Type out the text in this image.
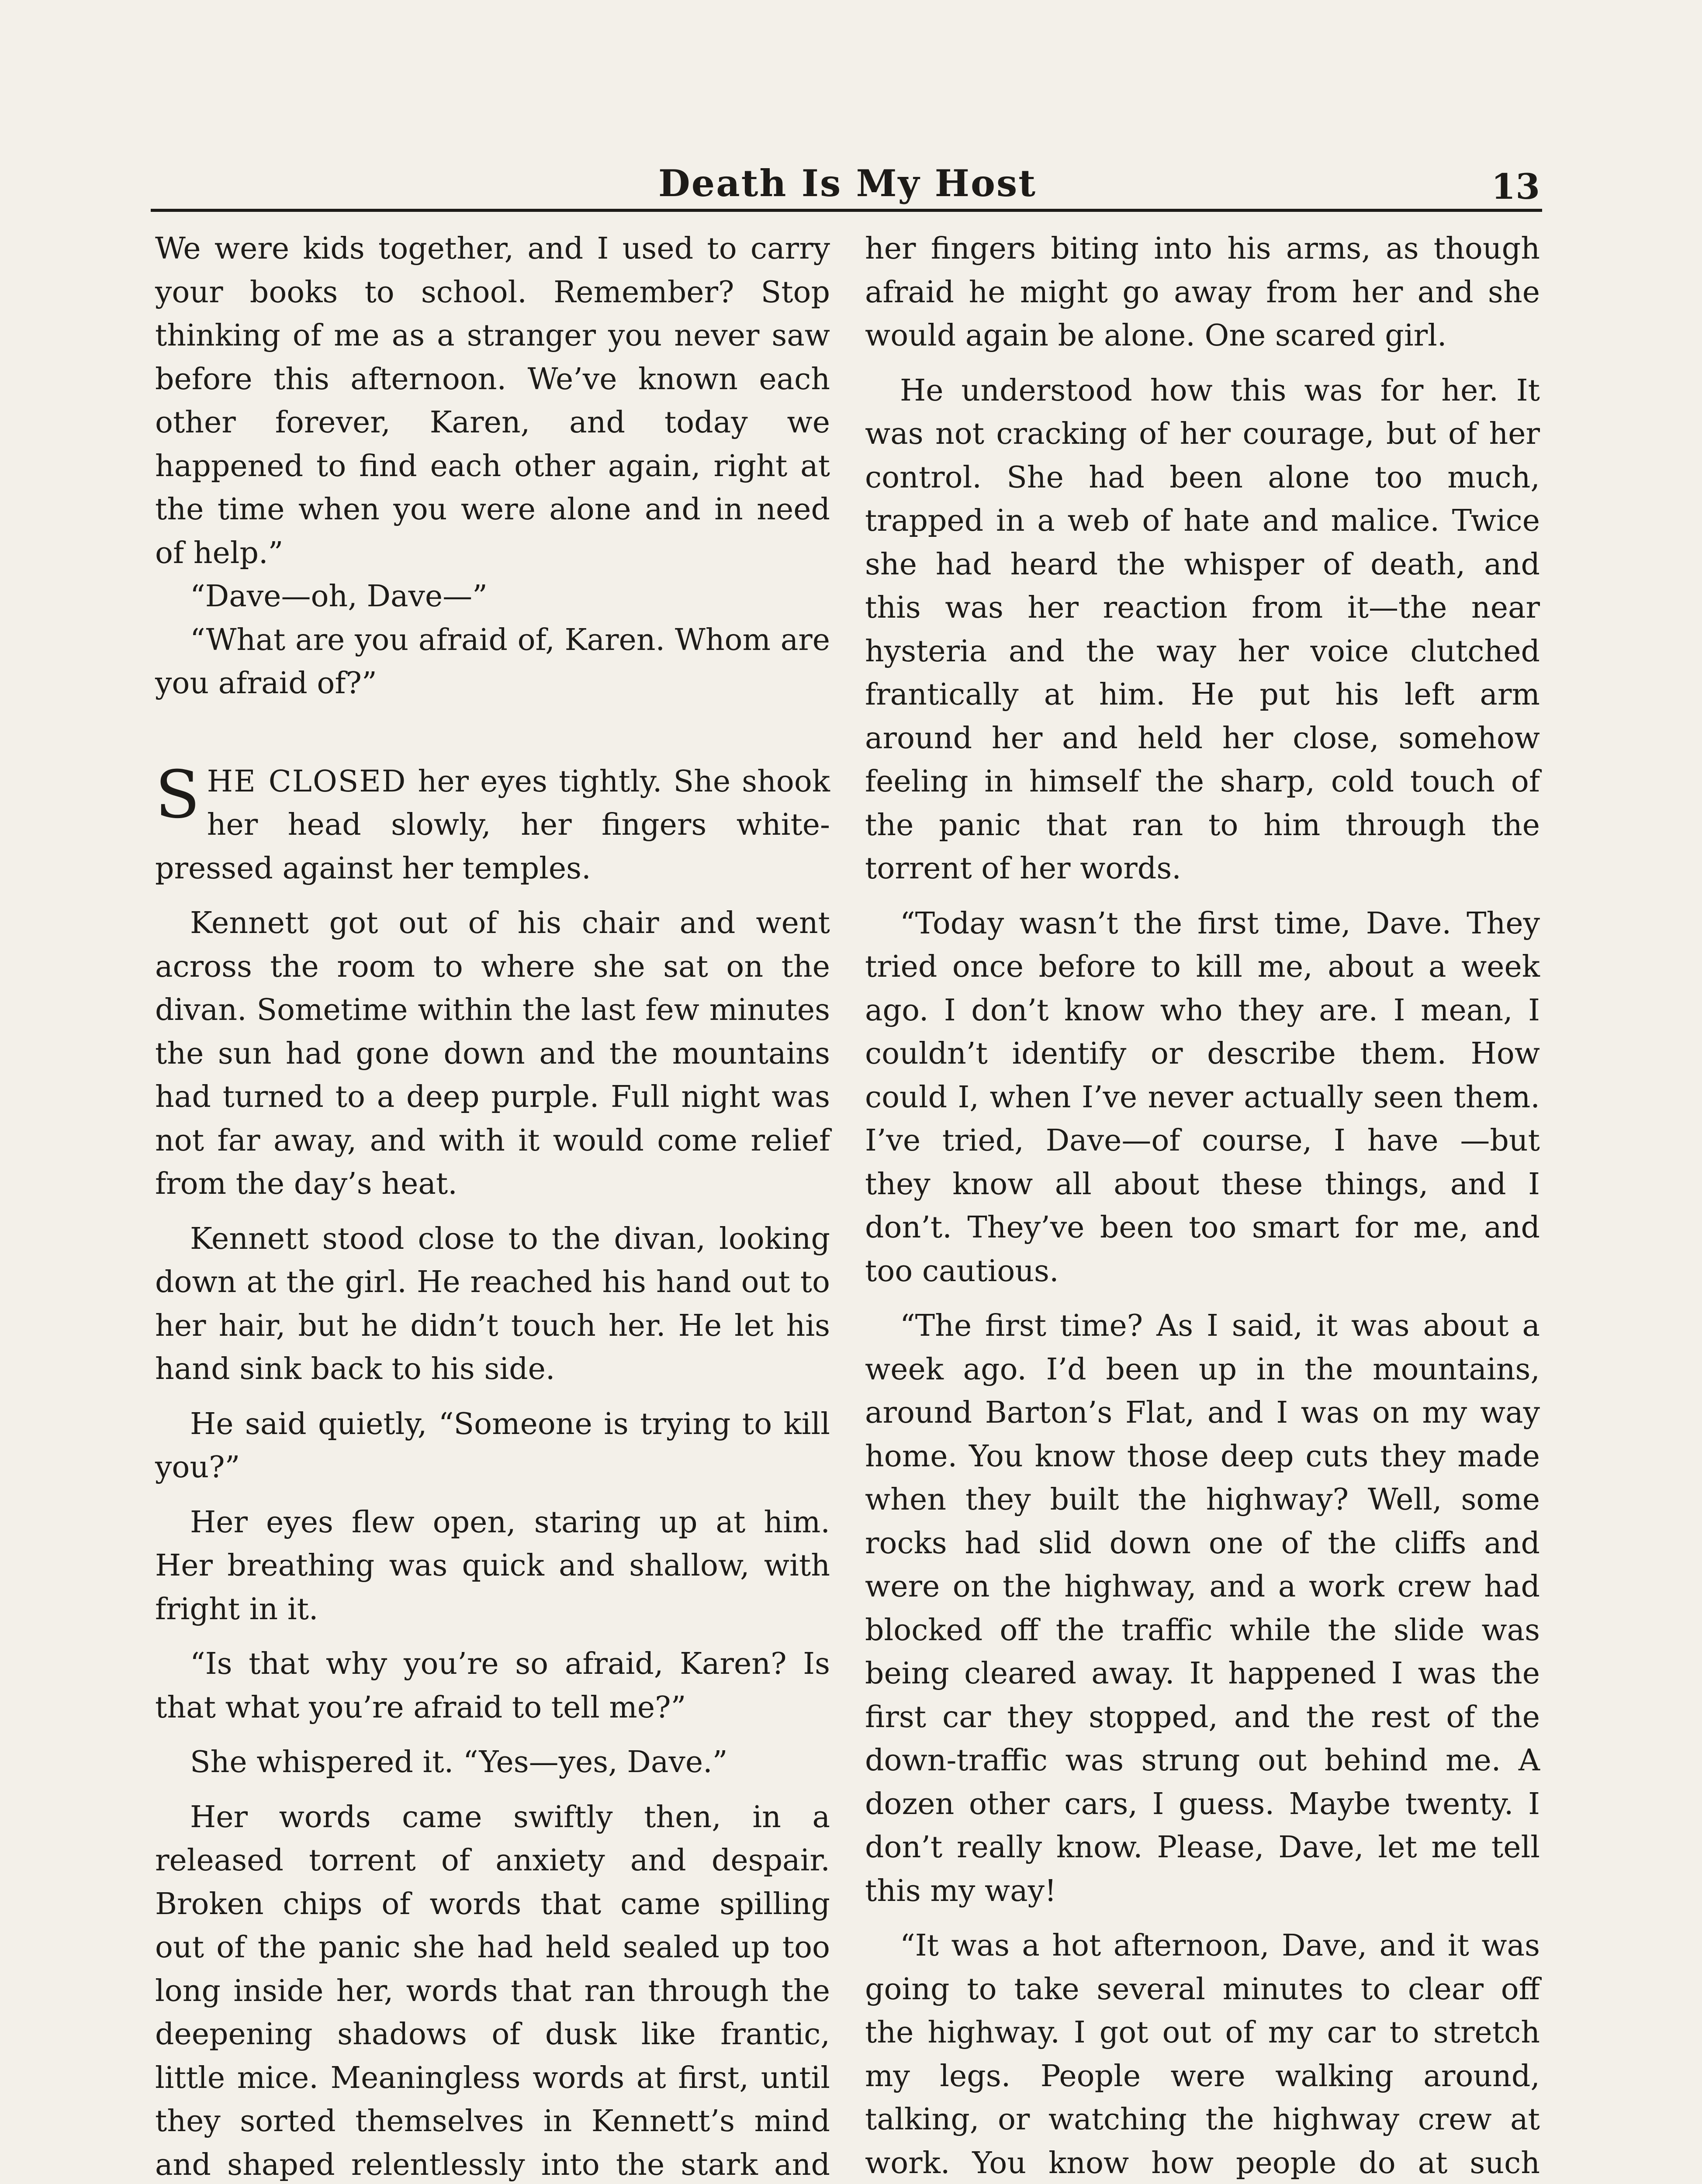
Death Is My Host	13

We were kids together, and I used to carry your books to school. Remember? Stop thinking of me as a stranger you never saw before this afternoon. We’ve known each other forever, Karen, and today we happened to find each other again, right at the time when you were alone and in need of help.”

“Dave—oh, Dave—”

“What are you afraid of, Karen. Whom are you afraid of?”

SHE CLOSED her eyes tightly. She shook her head slowly, her fingers white-pressed against her temples.

Kennett got out of his chair and went across the room to where she sat on the divan. Sometime within the last few minutes the sun had gone down and the mountains had turned to a deep purple. Full night was not far away, and with it would come relief from the day’s heat.

Kennett stood close to the divan, looking down at the girl. He reached his hand out to her hair, but he didn’t touch her. He let his hand sink back to his side.

He said quietly, “Someone is trying to kill you?”

Her eyes flew open, staring up at him. Her breathing was quick and shallow, with fright in it.

“Is that why you’re so afraid, Karen? Is that what you’re afraid to tell me?”

She whispered it. “Yes—yes, Dave.”

Her words came swiftly then, in a released torrent of anxiety and despair. Broken chips of words that came spilling out of the panic she had held sealed up too long inside her, words that ran through the deepening shadows of dusk like frantic, little mice. Meaningless words at first, until they sorted themselves in Kennett’s mind and shaped relentlessly into the stark and

her fingers biting into his arms, as though afraid he might go away from her and she would again be alone. One scared girl.

He understood how this was for her. It was not cracking of her courage, but of her control. She had been alone too much, trapped in a web of hate and malice. Twice she had heard the whisper of death, and this was her reaction from it—the near hysteria and the way her voice clutched frantically at him. He put his left arm around her and held her close, somehow feeling in himself the sharp, cold touch of the panic that ran to him through the torrent of her words.

“Today wasn’t the first time, Dave. They tried once before to kill me, about a week ago. I don’t know who they are. I mean, I couldn’t identify or describe them. How could I, when I’ve never actually seen them. I’ve tried, Dave—of course, I have —but they know all about these things, and I don’t. They’ve been too smart for me, and too cautious.

“The first time? As I said, it was about a week ago. I’d been up in the mountains, around Barton’s Flat, and I was on my way home. You know those deep cuts they made when they built the highway? Well, some rocks had slid down one of the cliffs and were on the highway, and a work crew had blocked off the traffic while the slide was being cleared away. It happened I was the first car they stopped, and the rest of the down-traffic was strung out behind me. A dozen other cars, I guess. Maybe twenty. I don’t really know. Please, Dave, let me tell this my way!

“It was a hot afternoon, Dave, and it was going to take several minutes to clear off the highway. I got out of my car to stretch my legs. People were walking around, talking, or watching the highway crew at work. You know how people do at such
